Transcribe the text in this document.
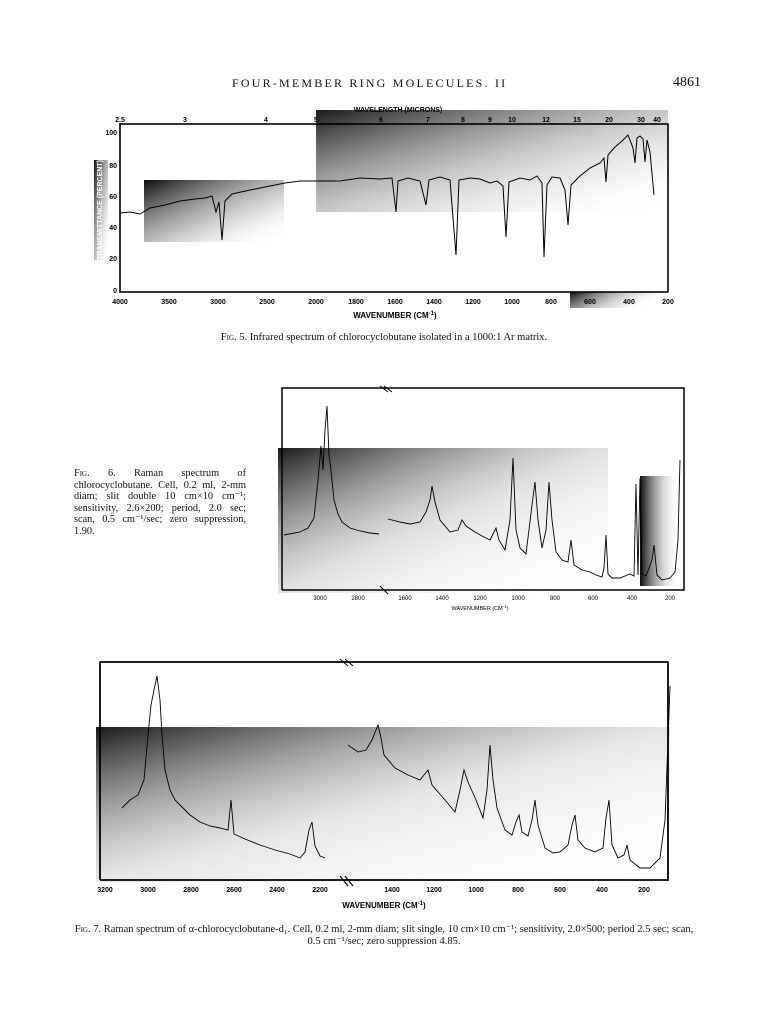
FOUR-MEMBER RING MOLECULES. II	4861
WAVELENGTH (MICRONS)
2.5	3	4	5	6	7	8	9 10	12	15	20	30 40
TRANSMITTANCE (PERCENT)
100
80
60
40
20
0
4000	3500	3000	2500	2000	1800	1600	1400	1200	1000	800	600	400	200
WAVENUMBER $(CM^{-1})$
Fig. 5. Infrared spectrum of chlorocyclobutane isolated in a 1000:1 Ar matrix.
3000	2800	1600	1400	1200	1000	800	600	400	200
WAVENUMBER $(CM^{-1})$
Fig. 6. Raman spectrum of chlorocyclobutane. Cell, 0.2 ml, 2-mm diam; slit double 10 cm×10 cm⁻¹; sensitivity, 2.6×200; period, 2.0 sec; scan, 0.5 cm⁻¹/sec; zero suppression, 1.90.
3200	3000	2800	2600	2400	2200	1400	1200	1000	800	600	400	200
WAVENUMBER $(CM^{-1})$
Fig. 7. Raman spectrum of α-chlorocyclobutane-d₁. Cell, 0.2 ml, 2-mm diam; slit single, 10 cm×10 cm⁻¹; sensitivity, 2.0×500; period 2.5 sec; scan, 0.5 cm⁻¹/sec; zero suppression 4.85.
